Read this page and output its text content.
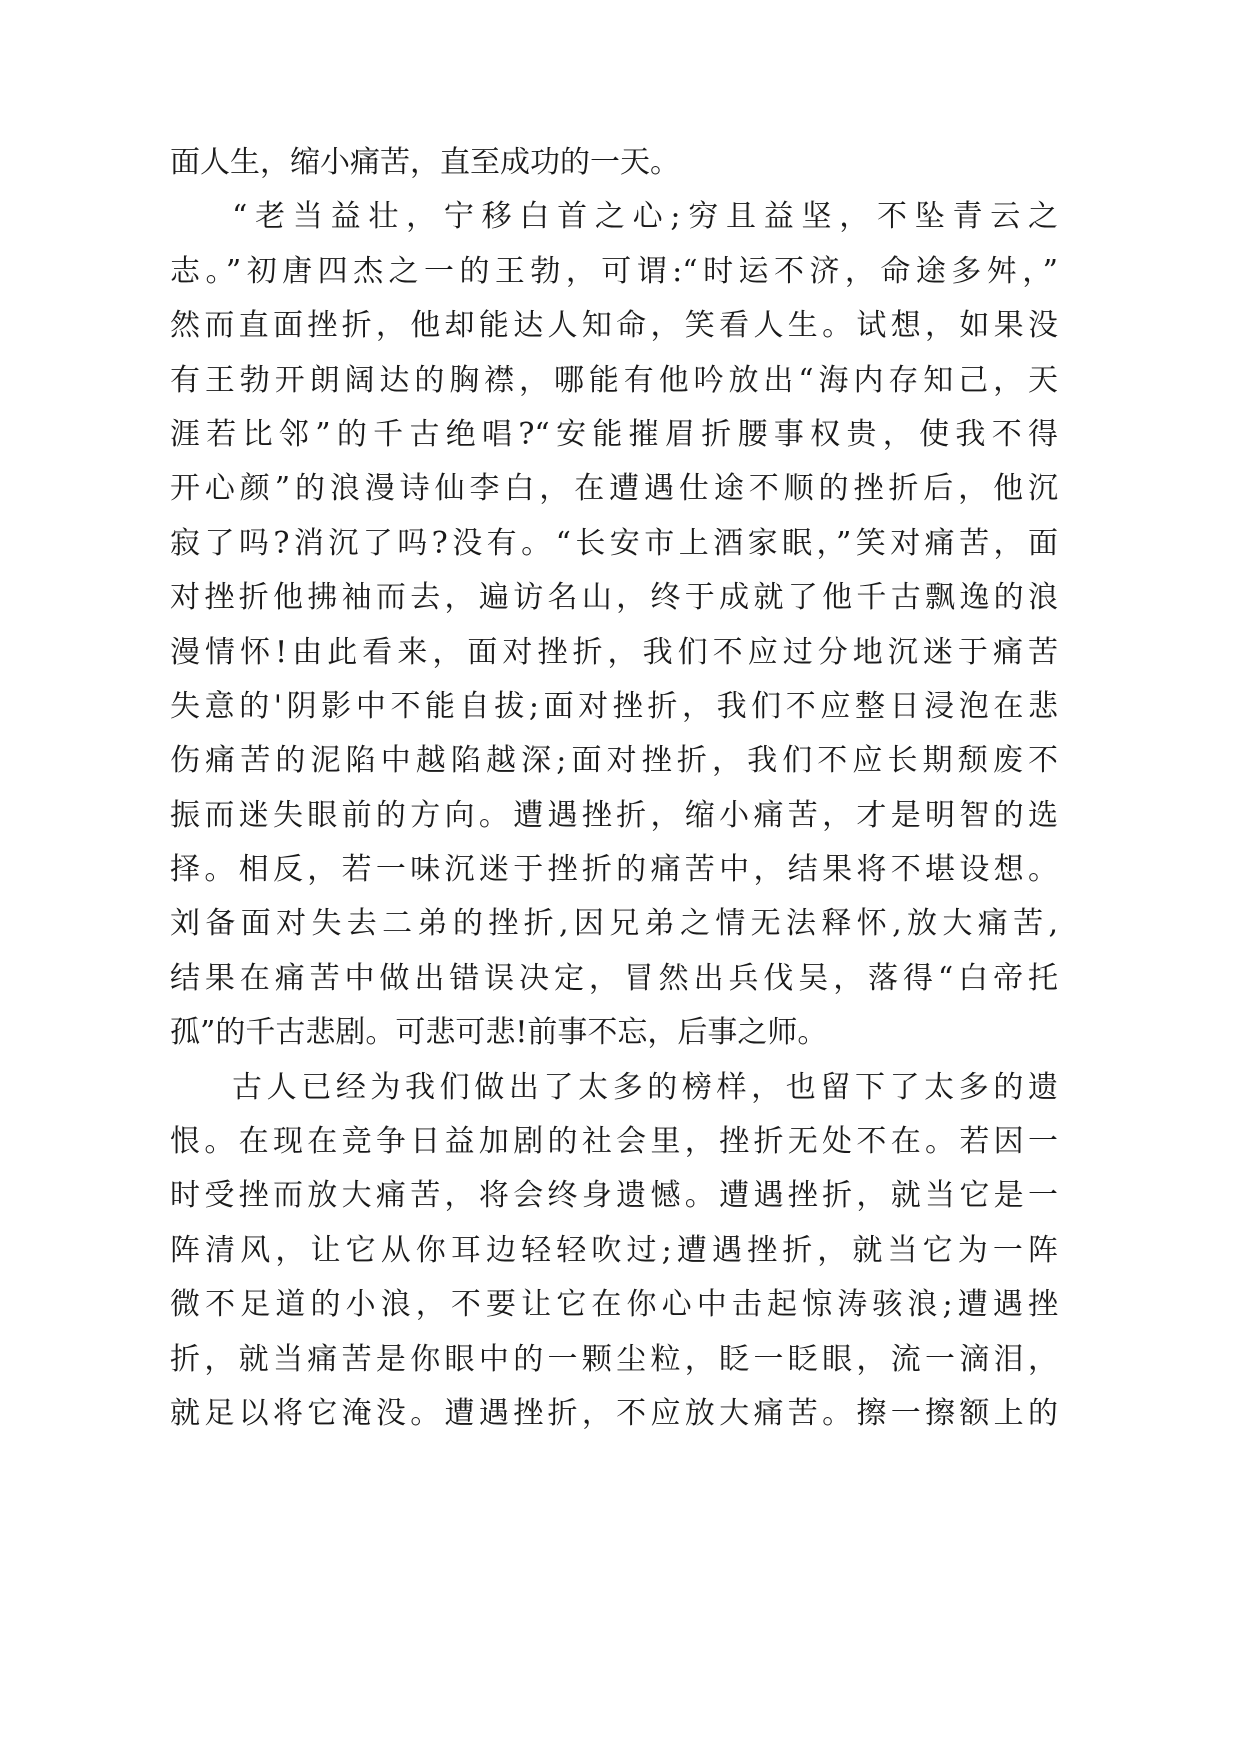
面人生，缩小痛苦，直至成功的一天。
“老当益壮，宁移白首之心;穷且益坚，不坠青云之
志。”初唐四杰之一的王勃，可谓:“时运不济，命途多舛，”
然而直面挫折，他却能达人知命，笑看人生。试想，如果没
有王勃开朗阔达的胸襟，哪能有他吟放出“海内存知己，天
涯若比邻”的千古绝唱?“安能摧眉折腰事权贵，使我不得
开心颜”的浪漫诗仙李白，在遭遇仕途不顺的挫折后，他沉
寂了吗?消沉了吗?没有。“长安市上酒家眠，”笑对痛苦，面
对挫折他拂袖而去，遍访名山，终于成就了他千古飘逸的浪
漫情怀!由此看来，面对挫折，我们不应过分地沉迷于痛苦
失意的'阴影中不能自拔;面对挫折，我们不应整日浸泡在悲
伤痛苦的泥陷中越陷越深;面对挫折，我们不应长期颓废不
振而迷失眼前的方向。遭遇挫折，缩小痛苦，才是明智的选
择。相反，若一味沉迷于挫折的痛苦中，结果将不堪设想。
刘备面对失去二弟的挫折,因兄弟之情无法释怀,放大痛苦,
结果在痛苦中做出错误决定，冒然出兵伐吴，落得“白帝托
孤”的千古悲剧。可悲可悲!前事不忘，后事之师。
古人已经为我们做出了太多的榜样，也留下了太多的遗
恨。在现在竞争日益加剧的社会里，挫折无处不在。若因一
时受挫而放大痛苦，将会终身遗憾。遭遇挫折，就当它是一
阵清风，让它从你耳边轻轻吹过;遭遇挫折，就当它为一阵
微不足道的小浪，不要让它在你心中击起惊涛骇浪;遭遇挫
折，就当痛苦是你眼中的一颗尘粒，眨一眨眼，流一滴泪，
就足以将它淹没。遭遇挫折，不应放大痛苦。擦一擦额上的
